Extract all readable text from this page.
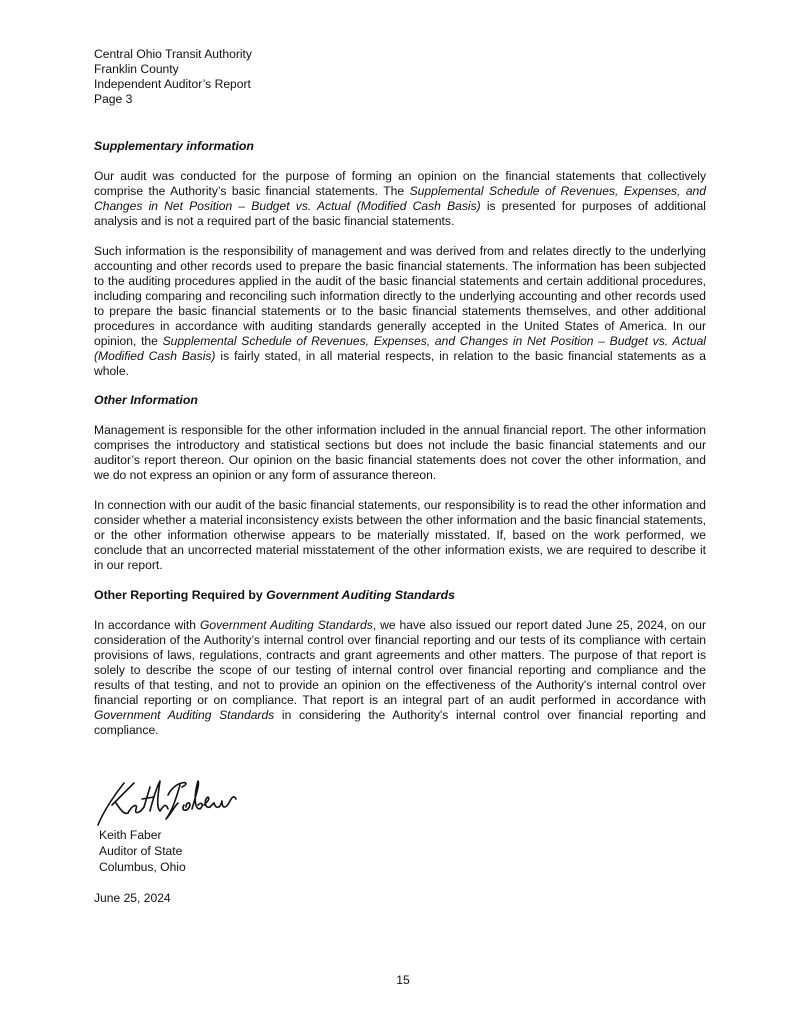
Central Ohio Transit Authority
Franklin County
Independent Auditor’s Report
Page 3
Supplementary information

Our audit was conducted for the purpose of forming an opinion on the financial statements that collectively comprise the Authority’s basic financial statements. The Supplemental Schedule of Revenues, Expenses, and Changes in Net Position – Budget vs. Actual (Modified Cash Basis) is presented for purposes of additional analysis and is not a required part of the basic financial statements.

Such information is the responsibility of management and was derived from and relates directly to the underlying accounting and other records used to prepare the basic financial statements. The information has been subjected to the auditing procedures applied in the audit of the basic financial statements and certain additional procedures, including comparing and reconciling such information directly to the underlying accounting and other records used to prepare the basic financial statements or to the basic financial statements themselves, and other additional procedures in accordance with auditing standards generally accepted in the United States of America. In our opinion, the Supplemental Schedule of Revenues, Expenses, and Changes in Net Position – Budget vs. Actual (Modified Cash Basis) is fairly stated, in all material respects, in relation to the basic financial statements as a whole.

Other Information

Management is responsible for the other information included in the annual financial report. The other information comprises the introductory and statistical sections but does not include the basic financial statements and our auditor’s report thereon. Our opinion on the basic financial statements does not cover the other information, and we do not express an opinion or any form of assurance thereon.

In connection with our audit of the basic financial statements, our responsibility is to read the other information and consider whether a material inconsistency exists between the other information and the basic financial statements, or the other information otherwise appears to be materially misstated. If, based on the work performed, we conclude that an uncorrected material misstatement of the other information exists, we are required to describe it in our report.

Other Reporting Required by Government Auditing Standards

In accordance with Government Auditing Standards, we have also issued our report dated June 25, 2024, on our consideration of the Authority’s internal control over financial reporting and our tests of its compliance with certain provisions of laws, regulations, contracts and grant agreements and other matters. The purpose of that report is solely to describe the scope of our testing of internal control over financial reporting and compliance and the results of that testing, and not to provide an opinion on the effectiveness of the Authority's internal control over financial reporting or on compliance. That report is an integral part of an audit performed in accordance with Government Auditing Standards in considering the Authority's internal control over financial reporting and compliance.

Keith Faber
Auditor of State
Columbus, Ohio
June 25, 2024
15
